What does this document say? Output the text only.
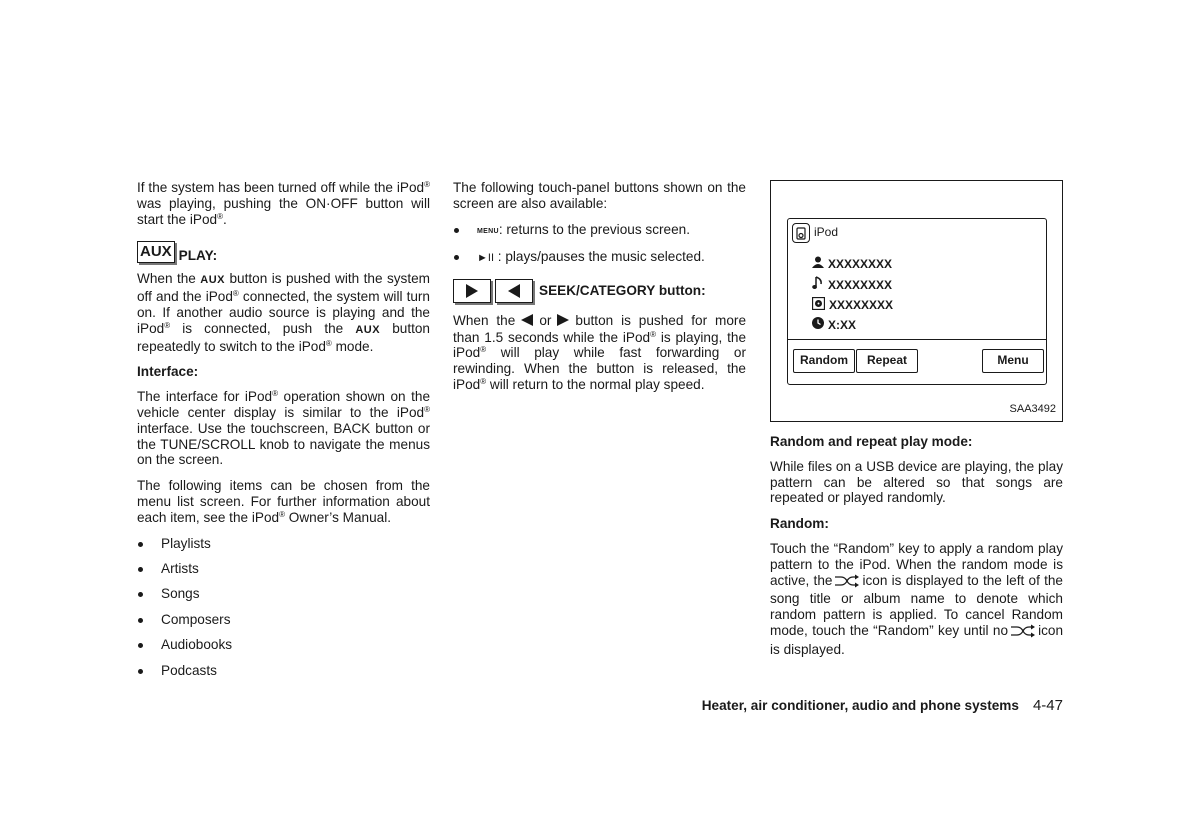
If the system has been turned off while the iPod® was playing, pushing the ON·OFF button will start the iPod®.

AUX PLAY:

When the AUX button is pushed with the system off and the iPod® connected, the system will turn on. If another audio source is playing and the iPod® is connected, push the AUX button repeatedly to switch to the iPod® mode.

Interface:

The interface for iPod® operation shown on the vehicle center display is similar to the iPod® interface. Use the touchscreen, BACK button or the TUNE/SCROLL knob to navigate the menus on the screen.

The following items can be chosen from the menu list screen. For further information about each item, see the iPod® Owner’s Manual.

Playlists
Artists
Songs
Composers
Audiobooks
Podcasts

The following touch-panel buttons shown on the screen are also available:

MENU: returns to the previous screen.
►II : plays/pauses the music selected.
SEEK/CATEGORY button:

When the or button is pushed for more than 1.5 seconds while the iPod® is playing, the iPod® will play while fast forwarding or rewinding. When the button is released, the iPod® will return to the normal play speed.

iPod
XXXXXXXX
XXXXXXXX
XXXXXXXX
X:XX
Random	Repeat	Menu
SAA3492
Random and repeat play mode:

While files on a USB device are playing, the play pattern can be altered so that songs are repeated or played randomly.

Random:

Touch the “Random” key to apply a random play pattern to the iPod. When the random mode is active, the icon is displayed to the left of the song title or album name to denote which random pattern is applied. To cancel Random mode, touch the “Random” key until no icon is displayed.

Heater, air conditioner, audio and phone systems 4-47
